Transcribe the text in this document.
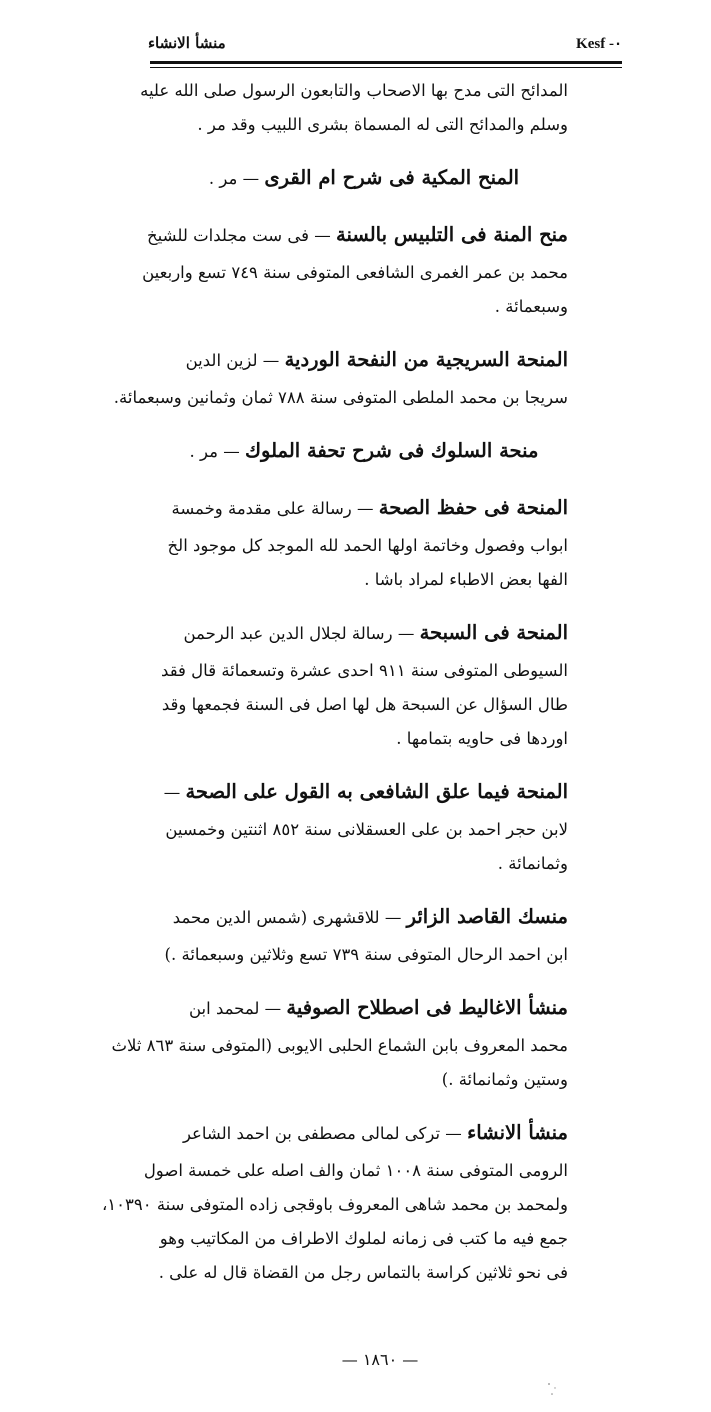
منشأ الانشاء	Kesf -٠
المدائح التى مدح بها الاصحاب والتابعون الرسول صلى الله عليه
وسلم والمدائح التى له المسماة بشرى اللبيب وقد مر .
المنح المكية فى شرح ام القرى — مر .
منح المنة فى التلبيس بالسنة — فى ست مجلدات للشيخ
محمد بن عمر الغمرى الشافعى المتوفى سنة ٧٤٩ تسع واربعين
وسبعمائة .
المنحة السريجية من النفحة الوردية — لزين الدين
سريجا بن محمد الملطى المتوفى سنة ٧٨٨ ثمان وثمانين وسبعمائة.
منحة السلوك فى شرح تحفة الملوك — مر .
المنحة فى حفظ الصحة — رسالة على مقدمة وخمسة
ابواب وفصول وخاتمة اولها الحمد لله الموجد كل موجود الخ
الفها بعض الاطباء لمراد باشا .
المنحة فى السبحة — رسالة لجلال الدين عبد الرحمن
السيوطى المتوفى سنة ٩١١ احدى عشرة وتسعمائة قال فقد
طال السؤال عن السبحة هل لها اصل فى السنة فجمعها وقد
اوردها فى حاويه بتمامها .
المنحة فيما علق الشافعى به القول على الصحة —
لابن حجر احمد بن على العسقلانى سنة ٨٥٢ اثنتين وخمسين
وثمانمائة .
منسك القاصد الزائر — للاقشهرى (شمس الدين محمد
ابن احمد الرحال المتوفى سنة ٧٣٩ تسع وثلاثين وسبعمائة .)
منشأ الاغاليط فى اصطلاح الصوفية — لمحمد ابن
محمد المعروف بابن الشماع الحلبى الايوبى (المتوفى سنة ٨٦٣ ثلاث
وستين وثمانمائة .)
منشأ الانشاء — تركى لمالى مصطفى بن احمد الشاعر
الرومى المتوفى سنة ١٠٠٨ ثمان والف اصله على خمسة اصول
ولمحمد بن محمد شاهى المعروف باوقجى زاده المتوفى سنة ١٠٣٩٠،
جمع فيه ما كتب فى زمانه لملوك الاطراف من المكاتيب وهو
فى نحو ثلاثين كراسة بالتماس رجل من القضاة قال له على .
— ١٨٦٠ —
